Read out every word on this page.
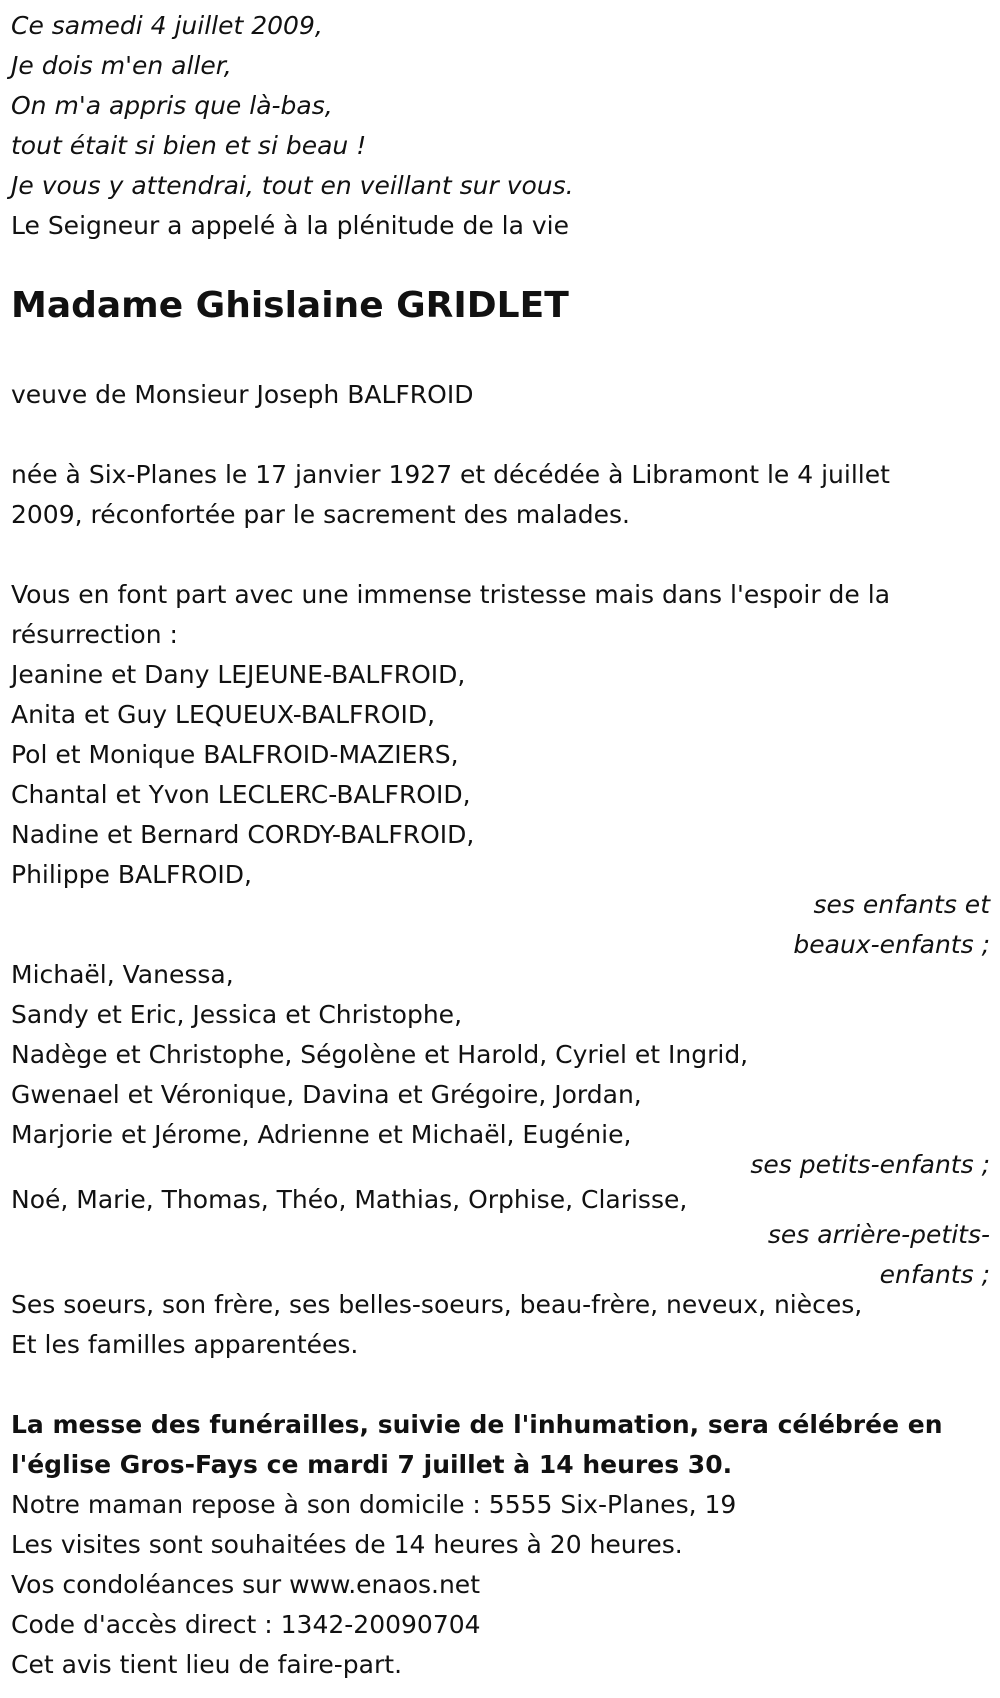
Ce samedi 4 juillet 2009,
Je dois m'en aller,
On m'a appris que là-bas,
tout était si bien et si beau !
Je vous y attendrai, tout en veillant sur vous.
Le Seigneur a appelé à la plénitude de la vie
Madame Ghislaine GRIDLET
veuve de Monsieur Joseph BALFROID
née à Six-Planes le 17 janvier 1927 et décédée à Libramont le 4 juillet
2009, réconfortée par le sacrement des malades.
Vous en font part avec une immense tristesse mais dans l'espoir de la
résurrection :
Jeanine et Dany LEJEUNE-BALFROID,
Anita et Guy LEQUEUX-BALFROID,
Pol et Monique BALFROID-MAZIERS,
Chantal et Yvon LECLERC-BALFROID,
Nadine et Bernard CORDY-BALFROID,
Philippe BALFROID,
ses enfants et
beaux-enfants ;
Michaël, Vanessa,
Sandy et Eric, Jessica et Christophe,
Nadège et Christophe, Ségolène et Harold, Cyriel et Ingrid,
Gwenael et Véronique, Davina et Grégoire, Jordan,
Marjorie et Jérome, Adrienne et Michaël, Eugénie,
ses petits-enfants ;
Noé, Marie, Thomas, Théo, Mathias, Orphise, Clarisse,
ses arrière-petits-
enfants ;
Ses soeurs, son frère, ses belles-soeurs, beau-frère, neveux, nièces,
Et les familles apparentées.
La messe des funérailles, suivie de l'inhumation, sera célébrée en
l'église Gros-Fays ce mardi 7 juillet à 14 heures 30.
Notre maman repose à son domicile : 5555 Six-Planes, 19
Les visites sont souhaitées de 14 heures à 20 heures.
Vos condoléances sur www.enaos.net
Code d'accès direct : 1342-20090704
Cet avis tient lieu de faire-part.
